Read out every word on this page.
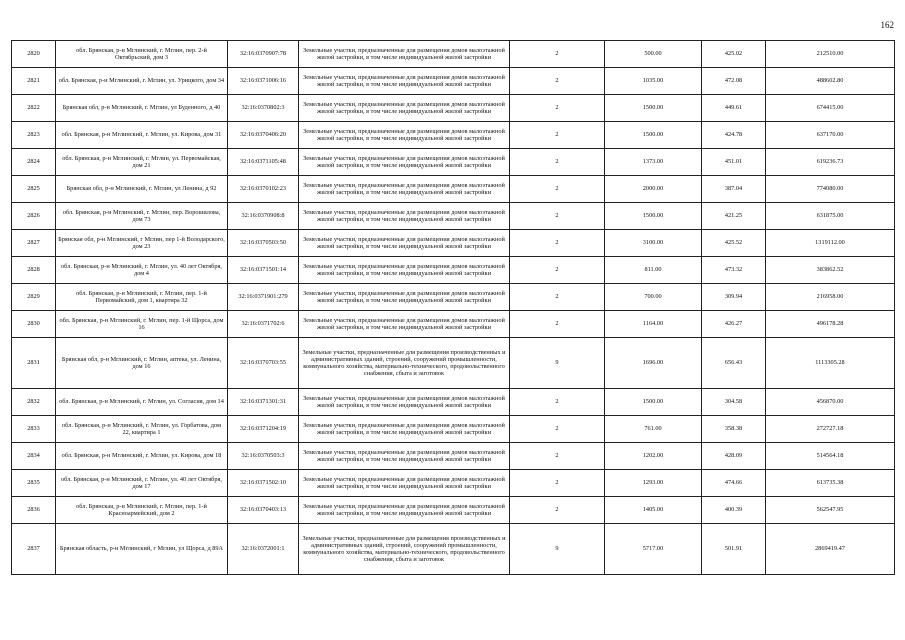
162
2820	обл. Брянская, р-н Мглинский, г. Мглин, пер. 2-й Октябрьский, дом 3	32:16:0370907:78	Земельные участки, предназначенные для размещения домов малоэтажной жилой застройки, в том числе индивидуальной жилой застройки	2	500.00	425.02	212510.00
2821	обл. Брянская, р-н Мглинский, г. Мглин, ул. Урицкого, дом 34	32:16:0371006:16	Земельные участки, предназначенные для размещения домов малоэтажной жилой застройки, в том числе индивидуальной жилой застройки	2	1035.00	472.08	488602.80
2822	Брянская обл, р-н Мглинский, г. Мглин, ул Буденного, д 40	32:16:0370802:3	Земельные участки, предназначенные для размещения домов малоэтажной жилой застройки, в том числе индивидуальной жилой застройки	2	1500.00	449.61	674415.00
2823	обл. Брянская, р-н Мглинский, г. Мглин, ул. Кирова, дом 31	32:16:0370406:20	Земельные участки, предназначенные для размещения домов малоэтажной жилой застройки, в том числе индивидуальной жилой застройки	2	1500.00	424.78	637170.00
2824	обл. Брянская, р-н Мглинский, г. Мглин, ул. Первомайская, дом 21	32:16:0371105:48	Земельные участки, предназначенные для размещения домов малоэтажной жилой застройки, в том числе индивидуальной жилой застройки	2	1373.00	451.01	619236.73
2825	Брянская обл, р-н Мглинский, г. Мглин, ул Ленина, д 92	32:16:0370102:23	Земельные участки, предназначенные для размещения домов малоэтажной жилой застройки, в том числе индивидуальной жилой застройки	2	2000.00	387.04	774080.00
2826	обл. Брянская, р-н Мглинский, г. Мглин, пер. Ворошилова, дом 73	32:16:0370908:8	Земельные участки, предназначенные для размещения домов малоэтажной жилой застройки, в том числе индивидуальной жилой застройки	2	1500.00	421.25	631875.00
2827	Брянская обл, р-н Мглинский, г Мглин, пер 1-й Володарского, дом 23	32:16:0370503:50	Земельные участки, предназначенные для размещения домов малоэтажной жилой застройки, в том числе индивидуальной жилой застройки	2	3100.00	425.52	1319112.00
2828	обл. Брянская, р-н Мглинский, г. Мглин, ул. 40 лет Октября, дом 4	32:16:0371501:14	Земельные участки, предназначенные для размещения домов малоэтажной жилой застройки, в том числе индивидуальной жилой застройки	2	811.00	473.32	383862.52
2829	обл. Брянская, р-н Мглинский, г. Мглин, пер. 1-й Первомайский, дом 1, квартира 32	32:16:0371901:279	Земельные участки, предназначенные для размещения домов малоэтажной жилой застройки, в том числе индивидуальной жилой застройки	2	700.00	309.94	216958.00
2830	обл. Брянская, р-н Мглинский, г. Мглин, пер. 1-й Щорса, дом 16	32:16:0371702:6	Земельные участки, предназначенные для размещения домов малоэтажной жилой застройки, в том числе индивидуальной жилой застройки	2	1164.00	426.27	496178.28
2831	Брянская обл, р-н Мглинский, г. Мглин, аптека, ул. Ленина, дом 16	32:16:0370703:55	Земельные участки, предназначенные для размещения производственных и административных зданий, строений, сооружений промышленности, коммунального хозяйства, материально-технического, продовольственного снабжения, сбыта и заготовок	9	1696.00	656.43	1113305.28
2832	обл. Брянская, р-н Мглинский, г. Мглин, ул. Согласия, дом 14	32:16:0371301:31	Земельные участки, предназначенные для размещения домов малоэтажной жилой застройки, в том числе индивидуальной жилой застройки	2	1500.00	304.58	456870.00
2833	обл. Брянская, р-н Мглинский, г. Мглин, ул. Горбатова, дом 22, квартира 1	32:16:0371204:19	Земельные участки, предназначенные для размещения домов малоэтажной жилой застройки, в том числе индивидуальной жилой застройки	2	761.00	358.38	272727.18
2834	обл. Брянская, р-н Мглинский, г. Мглин, ул. Кирова, дом 18	32:16:0370503:3	Земельные участки, предназначенные для размещения домов малоэтажной жилой застройки, в том числе индивидуальной жилой застройки	2	1202.00	428.09	514564.18
2835	обл. Брянская, р-н Мглинский, г. Мглин, ул. 40 лет Октября, дом 17	32:16:0371502:10	Земельные участки, предназначенные для размещения домов малоэтажной жилой застройки, в том числе индивидуальной жилой застройки	2	1293.00	474.66	613735.38
2836	обл. Брянская, р-н Мглинский, г. Мглин, пер. 1-й Красноармейский, дом 2	32:16:0370403:13	Земельные участки, предназначенные для размещения домов малоэтажной жилой застройки, в том числе индивидуальной жилой застройки	2	1405.00	400.39	562547.95
2837	Брянская область, р-н Мглинский, г Мглин, ул Щорса, д 89А	32:16:0372001:1	Земельные участки, предназначенные для размещения производственных и административных зданий, строений, сооружений промышленности, коммунального хозяйства, материально-технического, продовольственного снабжения, сбыта и заготовок	9	5717.00	501.91	2869419.47
